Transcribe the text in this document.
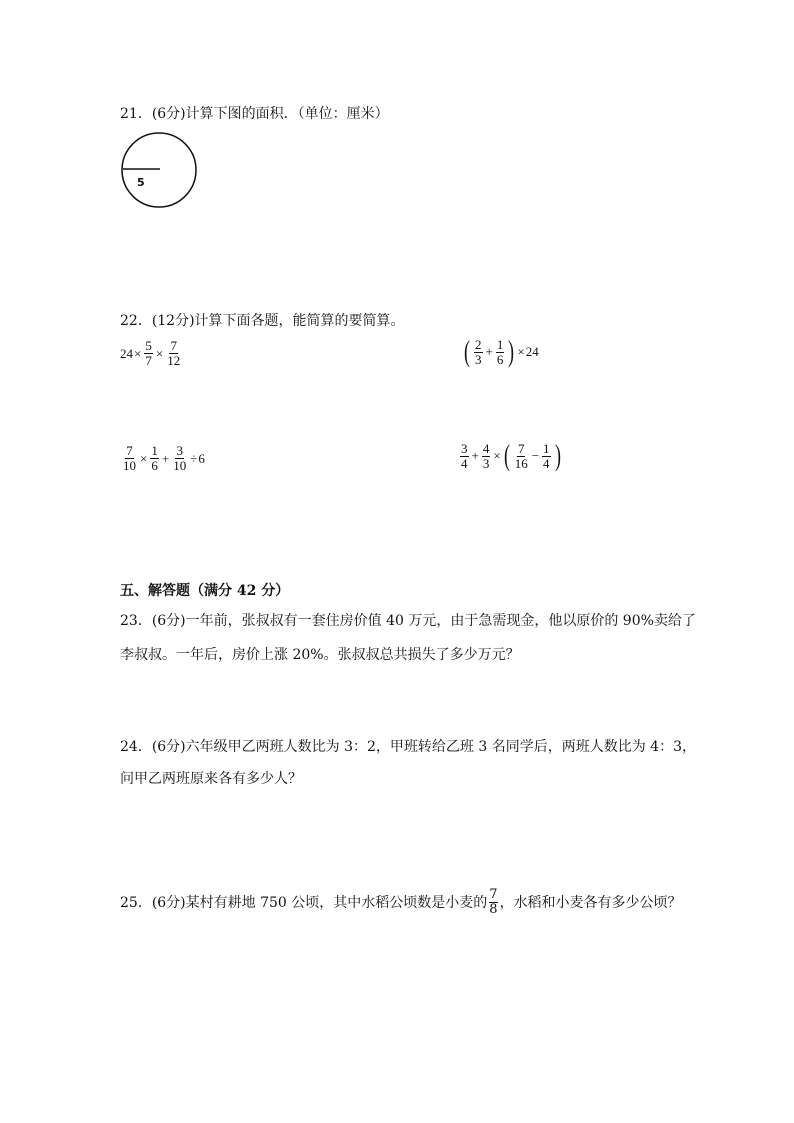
21．(6分)计算下图的面积．（单位：厘米）
5
22．(12分)计算下面各题，能简算的要简算。
$24 \times \frac{5}{7} \times \frac{7}{12}$	( $\frac{2}{3} + \frac{1}{6}$ ) × 24
$\frac{7}{10} \times \frac{1}{6} + \frac{3}{10} \div 6$	$\frac{3}{4} + \frac{4}{3}$ × ( $\frac{7}{16} - \frac{1}{4}$ )
五、解答题（满分 42 分）
23．(6分)一年前，张叔叔有一套住房价值 40 万元，由于急需现金，他以原价的 90%卖给了
李叔叔。一年后，房价上涨 20%。张叔叔总共损失了多少万元？
24．(6分)六年级甲乙两班人数比为 3：2，甲班转给乙班 3 名同学后，两班人数比为 4：3，
问甲乙两班原来各有多少人？
25．(6分)某村有耕地 750 公顷，其中水稻公顷数是小麦的 $\frac{7}{8}$ ，水稻和小麦各有多少公顷？
